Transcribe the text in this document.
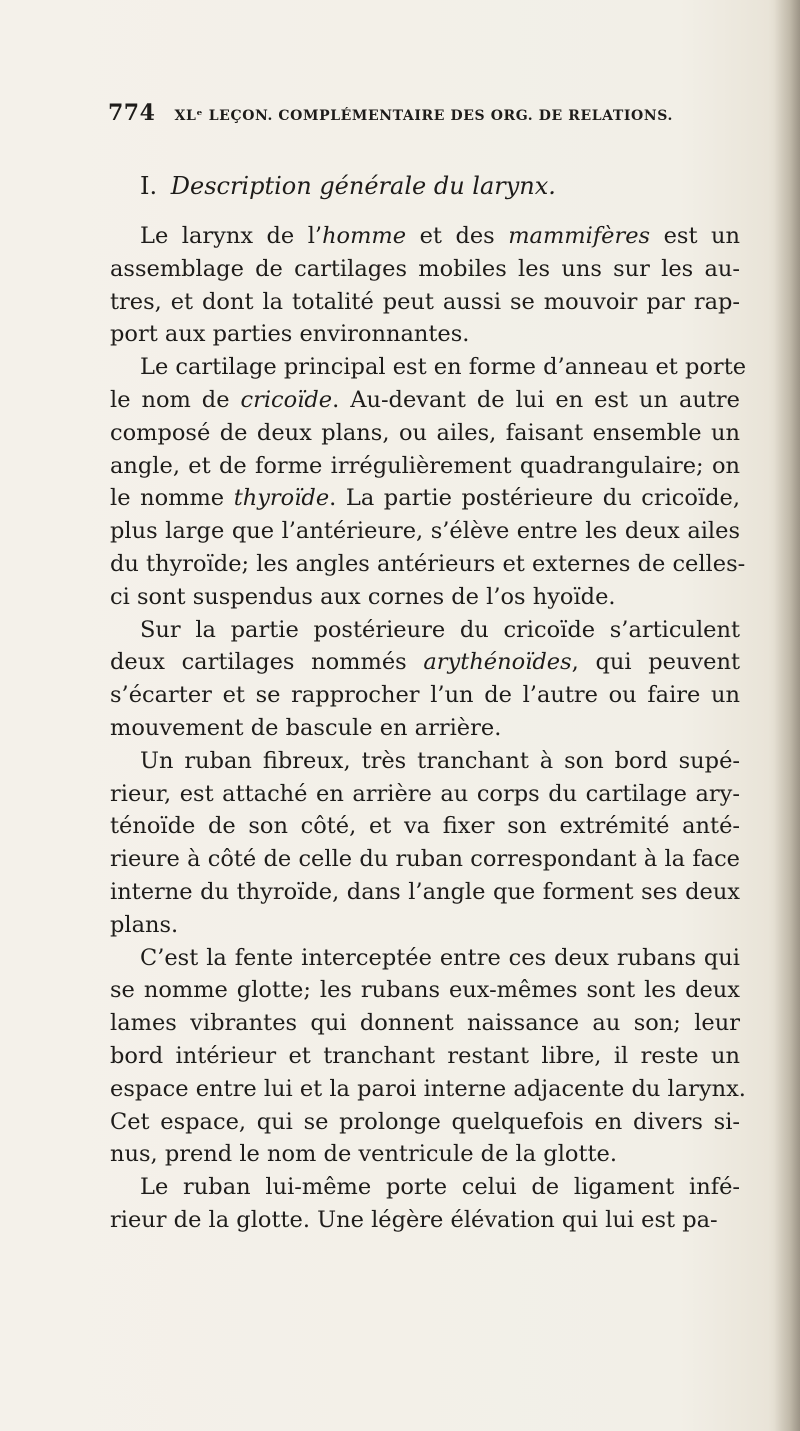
774 XLᵉ LEÇON. COMPLÉMENTAIRE DES ORG. DE RELATIONS.
I. Description générale du larynx.
Le larynx de l’homme et des mammifères est un
assemblage de cartilages mobiles les uns sur les au-
tres, et dont la totalité peut aussi se mouvoir par rap-
port aux parties environnantes.
Le cartilage principal est en forme d’anneau et porte
le nom de cricoïde. Au-devant de lui en est un autre
composé de deux plans, ou ailes, faisant ensemble un
angle, et de forme irrégulièrement quadrangulaire; on
le nomme thyroïde. La partie postérieure du cricoïde,
plus large que l’antérieure, s’élève entre les deux ailes
du thyroïde; les angles antérieurs et externes de celles-
ci sont suspendus aux cornes de l’os hyoïde.
Sur la partie postérieure du cricoïde s’articulent
deux cartilages nommés arythénoïdes, qui peuvent
s’écarter et se rapprocher l’un de l’autre ou faire un
mouvement de bascule en arrière.
Un ruban fibreux, très tranchant à son bord supé-
rieur, est attaché en arrière au corps du cartilage ary-
ténoïde de son côté, et va fixer son extrémité anté-
rieure à côté de celle du ruban correspondant à la face
interne du thyroïde, dans l’angle que forment ses deux
plans.
C’est la fente interceptée entre ces deux rubans qui
se nomme glotte; les rubans eux-mêmes sont les deux
lames vibrantes qui donnent naissance au son; leur
bord intérieur et tranchant restant libre, il reste un
espace entre lui et la paroi interne adjacente du larynx.
Cet espace, qui se prolonge quelquefois en divers si-
nus, prend le nom de ventricule de la glotte.
Le ruban lui-même porte celui de ligament infé-
rieur de la glotte. Une légère élévation qui lui est pa-
